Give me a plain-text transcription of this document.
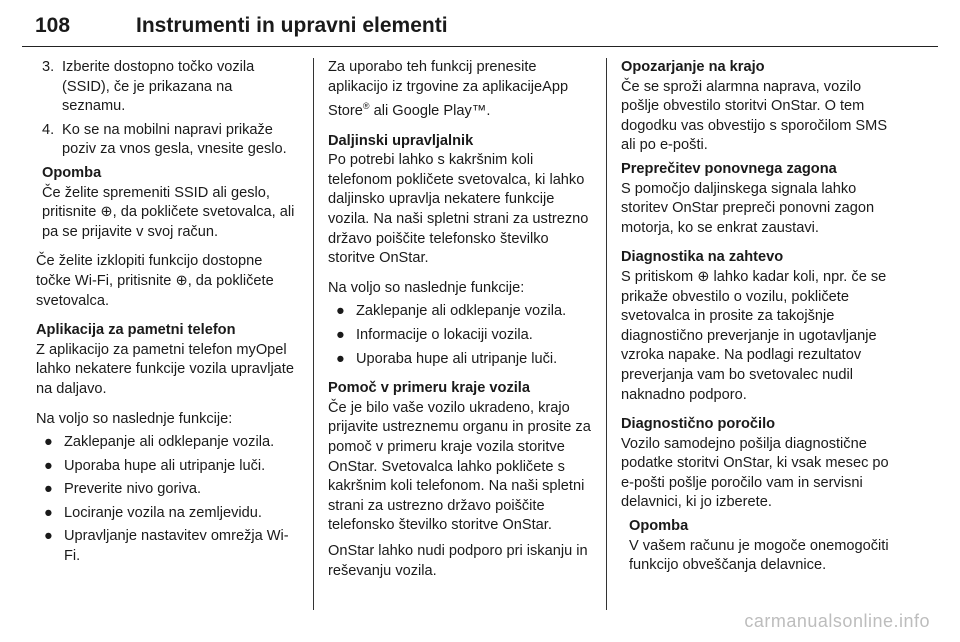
108	Instrumenti in upravni elementi
3. Izberite dostopno točko vozila (SSID), če je prikazana na seznamu.
4. Ko se na mobilni napravi prikaže poziv za vnos gesla, vnesite geslo.
Opomba
Če želite spremeniti SSID ali geslo, pritisnite ⊕, da pokličete svetovalca, ali pa se prijavite v svoj račun.

Če želite izklopiti funkcijo dostopne točke Wi-Fi, pritisnite ⊕, da pokličete svetovalca.

Aplikacija za pametni telefon

Z aplikacijo za pametni telefon myOpel lahko nekatere funkcije vozila upravljate na daljavo.

Na voljo so naslednje funkcije:

● Zaklepanje ali odklepanje vozila.
● Uporaba hupe ali utripanje luči.
● Preverite nivo goriva.
● Lociranje vozila na zemljevidu.
● Upravljanje nastavitev omrežja Wi-Fi.

Za uporabo teh funkcij prenesite aplikacijo iz trgovine za aplikacijeApp Store® ali Google Play™.

Daljinski upravljalnik

Po potrebi lahko s kakršnim koli telefonom pokličete svetovalca, ki lahko daljinsko upravlja nekatere funkcije vozila. Na naši spletni strani za ustrezno državo poiščite telefonsko številko storitve OnStar.

Na voljo so naslednje funkcije:

● Zaklepanje ali odklepanje vozila.
● Informacije o lokaciji vozila.
● Uporaba hupe ali utripanje luči.
Pomoč v primeru kraje vozila

Če je bilo vaše vozilo ukradeno, krajo prijavite ustreznemu organu in prosite za pomoč v primeru kraje vozila storitve OnStar. Svetovalca lahko pokličete s kakršnim koli telefonom. Na naši spletni strani za ustrezno državo poiščite telefonsko številko storitve OnStar.

OnStar lahko nudi podporo pri iskanju in reševanju vozila.

Opozarjanje na krajo

Če se sproži alarmna naprava, vozilo pošlje obvestilo storitvi OnStar. O tem dogodku vas obvestijo s sporočilom SMS ali po e-pošti.

Preprečitev ponovnega zagona

S pomočjo daljinskega signala lahko storitev OnStar prepreči ponovni zagon motorja, ko se enkrat zaustavi.

Diagnostika na zahtevo

S pritiskom ⊕ lahko kadar koli, npr. če se prikaže obvestilo o vozilu, pokličete svetovalca in prosite za takojšnje diagnostično preverjanje in ugotavljanje vzroka napake. Na podlagi rezultatov preverjanja vam bo svetovalec nudil naknadno podporo.

Diagnostično poročilo

Vozilo samodejno pošilja diagnostične podatke storitvi OnStar, ki vsak mesec po e-pošti pošlje poročilo vam in servisni delavnici, ki jo izberete.

Opomba
V vašem računu je mogoče onemogočiti funkcijo obveščanja delavnice.
carmanualsonline.info
